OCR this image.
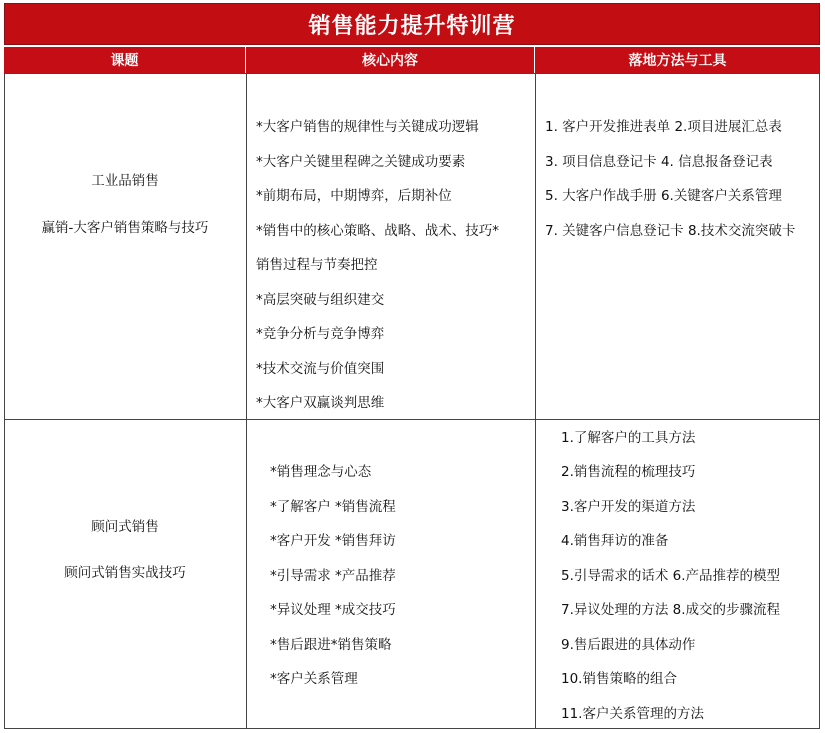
销售能力提升特训营
课题	核心内容	落地方法与工具
工业品销售
赢销-大客户销售策略与技巧
*大客户销售的规律性与关键成功逻辑
*大客户关键里程碑之关键成功要素
*前期布局，中期博弈，后期补位
*销售中的核心策略、战略、战术、技巧*
销售过程与节奏把控
*高层突破与组织建交
*竞争分析与竞争博弈
*技术交流与价值突围
*大客户双赢谈判思维
1. 客户开发推进表单 2.项目进展汇总表
3. 项目信息登记卡 4. 信息报备登记表
5. 大客户作战手册 6.关键客户关系管理
7. 关键客户信息登记卡 8.技术交流突破卡
顾问式销售
顾问式销售实战技巧
*销售理念与心态
*了解客户 *销售流程
*客户开发 *销售拜访
*引导需求 *产品推荐
*异议处理 *成交技巧
*售后跟进*销售策略
*客户关系管理
1.了解客户的工具方法
2.销售流程的梳理技巧
3.客户开发的渠道方法
4.销售拜访的准备
5.引导需求的话术 6.产品推荐的模型
7.异议处理的方法 8.成交的步骤流程
9.售后跟进的具体动作
10.销售策略的组合
11.客户关系管理的方法
